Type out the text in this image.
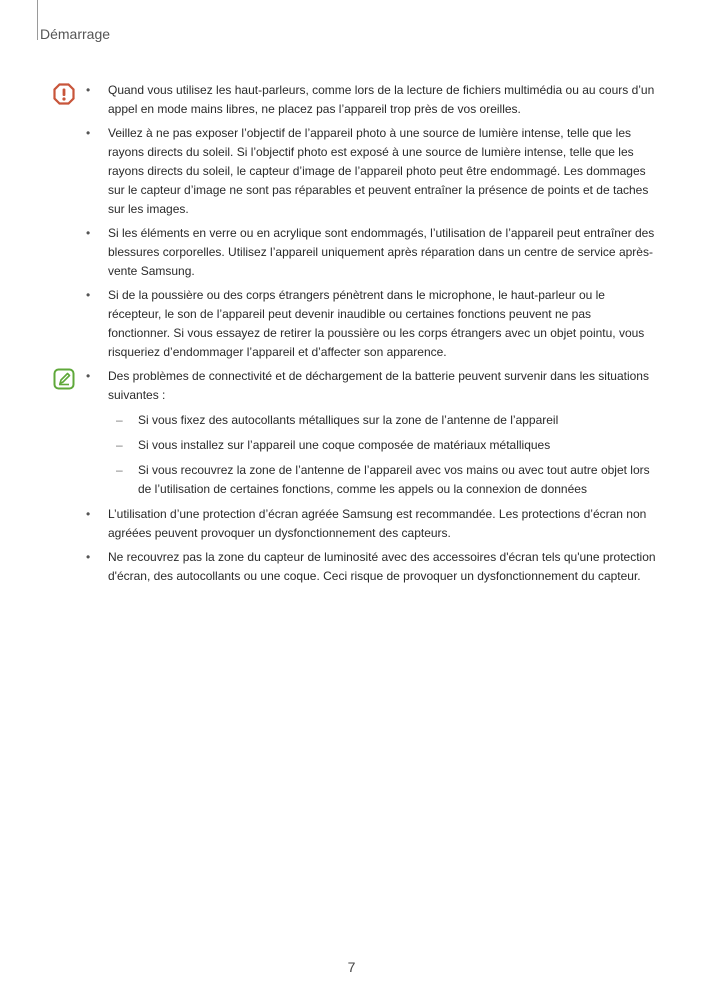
Démarrage
• Quand vous utilisez les haut-parleurs, comme lors de la lecture de fichiers multimédia ou au cours d’un appel en mode mains libres, ne placez pas l’appareil trop près de vos oreilles.
• Veillez à ne pas exposer l’objectif de l’appareil photo à une source de lumière intense, telle que les rayons directs du soleil. Si l’objectif photo est exposé à une source de lumière intense, telle que les rayons directs du soleil, le capteur d’image de l’appareil photo peut être endommagé. Les dommages sur le capteur d’image ne sont pas réparables et peuvent entraîner la présence de points et de taches sur les images.
• Si les éléments en verre ou en acrylique sont endommagés, l’utilisation de l’appareil peut entraîner des blessures corporelles. Utilisez l’appareil uniquement après réparation dans un centre de service après-vente Samsung.
• Si de la poussière ou des corps étrangers pénètrent dans le microphone, le haut-parleur ou le récepteur, le son de l’appareil peut devenir inaudible ou certaines fonctions peuvent ne pas fonctionner. Si vous essayez de retirer la poussière ou les corps étrangers avec un objet pointu, vous risqueriez d’endommager l’appareil et d’affecter son apparence.
• Des problèmes de connectivité et de déchargement de la batterie peuvent survenir dans les situations suivantes :
– Si vous fixez des autocollants métalliques sur la zone de l’antenne de l’appareil
– Si vous installez sur l’appareil une coque composée de matériaux métalliques
– Si vous recouvrez la zone de l’antenne de l’appareil avec vos mains ou avec tout autre objet lors de l’utilisation de certaines fonctions, comme les appels ou la connexion de données
• L’utilisation d’une protection d’écran agréée Samsung est recommandée. Les protections d’écran non agréées peuvent provoquer un dysfonctionnement des capteurs.
• Ne recouvrez pas la zone du capteur de luminosité avec des accessoires d'écran tels qu'une protection d'écran, des autocollants ou une coque. Ceci risque de provoquer un dysfonctionnement du capteur.
7
